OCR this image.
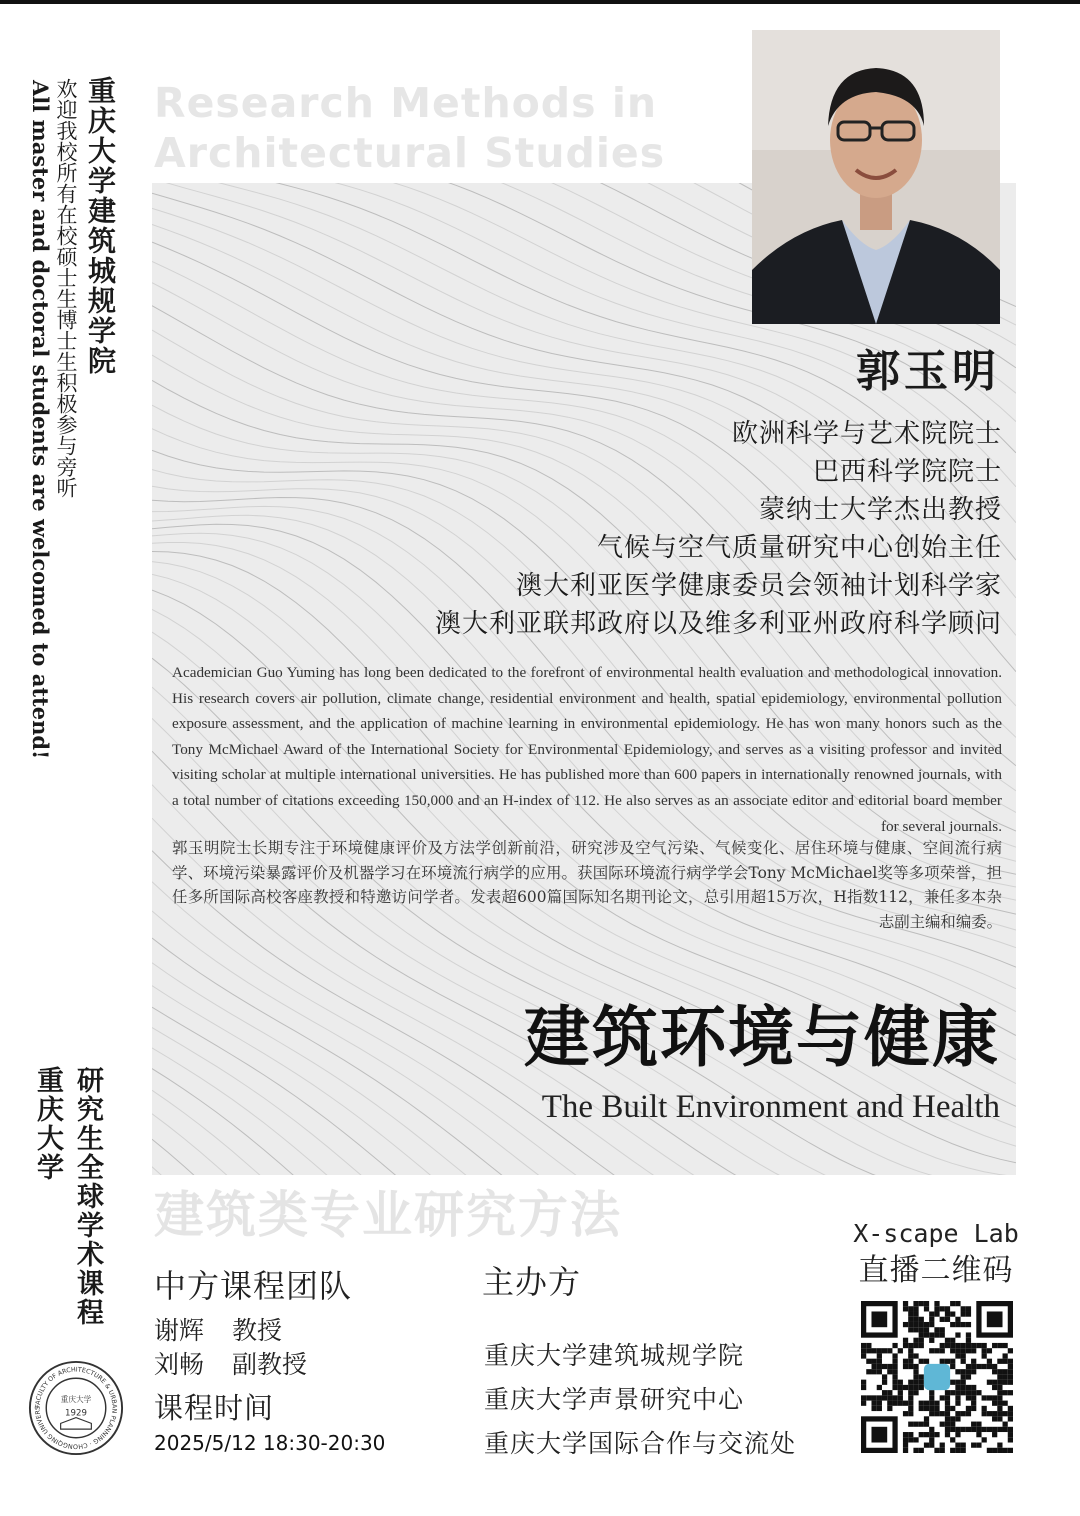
Research Methods in
Architectural Studies
重庆大学建筑城规学院
欢迎我校所有在校硕士生博士生积极参与旁听
All master and doctoral students are welcomed to attend!
研究生全球学术课程
重庆大学
郭玉明
欧洲科学与艺术院院士
巴西科学院院士
蒙纳士大学杰出教授
气候与空气质量研究中心创始主任
澳大利亚医学健康委员会领袖计划科学家
澳大利亚联邦政府以及维多利亚州政府科学顾问
Academician Guo Yuming has long been dedicated to the forefront of environmental health evaluation and methodological innovation. His research covers air pollution, climate change, residential environment and health, spatial epidemiology, environmental pollution exposure assessment, and the application of machine learning in environmental epidemiology. He has won many honors such as the Tony McMichael Award of the International Society for Environmental Epidemiology, and serves as a visiting professor and invited visiting scholar at multiple international universities. He has published more than 600 papers in internationally renowned journals, with a total number of citations exceeding 150,000 and an H-index of 112. He also serves as an associate editor and editorial board member for several journals.
郭玉明院士长期专注于环境健康评价及方法学创新前沿，研究涉及空气污染、气候变化、居住环境与健康、空间流行病学、环境污染暴露评价及机器学习在环境流行病学的应用。获国际环境流行病学学会Tony McMichael奖等多项荣誉，担任多所国际高校客座教授和特邀访问学者。发表超600篇国际知名期刊论文，总引用超15万次，H指数112，兼任多本杂志副主编和编委。
建筑环境与健康
The Built Environment and Health
建筑类专业研究方法	X-scape Lab
直播二维码
中方课程团队
谢辉 教授
刘畅 副教授
课程时间
2025/5/12 18:30-20:30
主办方
重庆大学建筑城规学院
重庆大学声景研究中心
重庆大学国际合作与交流处
FACULTY OF ARCHITECTURE & URBAN PLANNING · CHONGQING UNIVERS
重庆大学
1929
